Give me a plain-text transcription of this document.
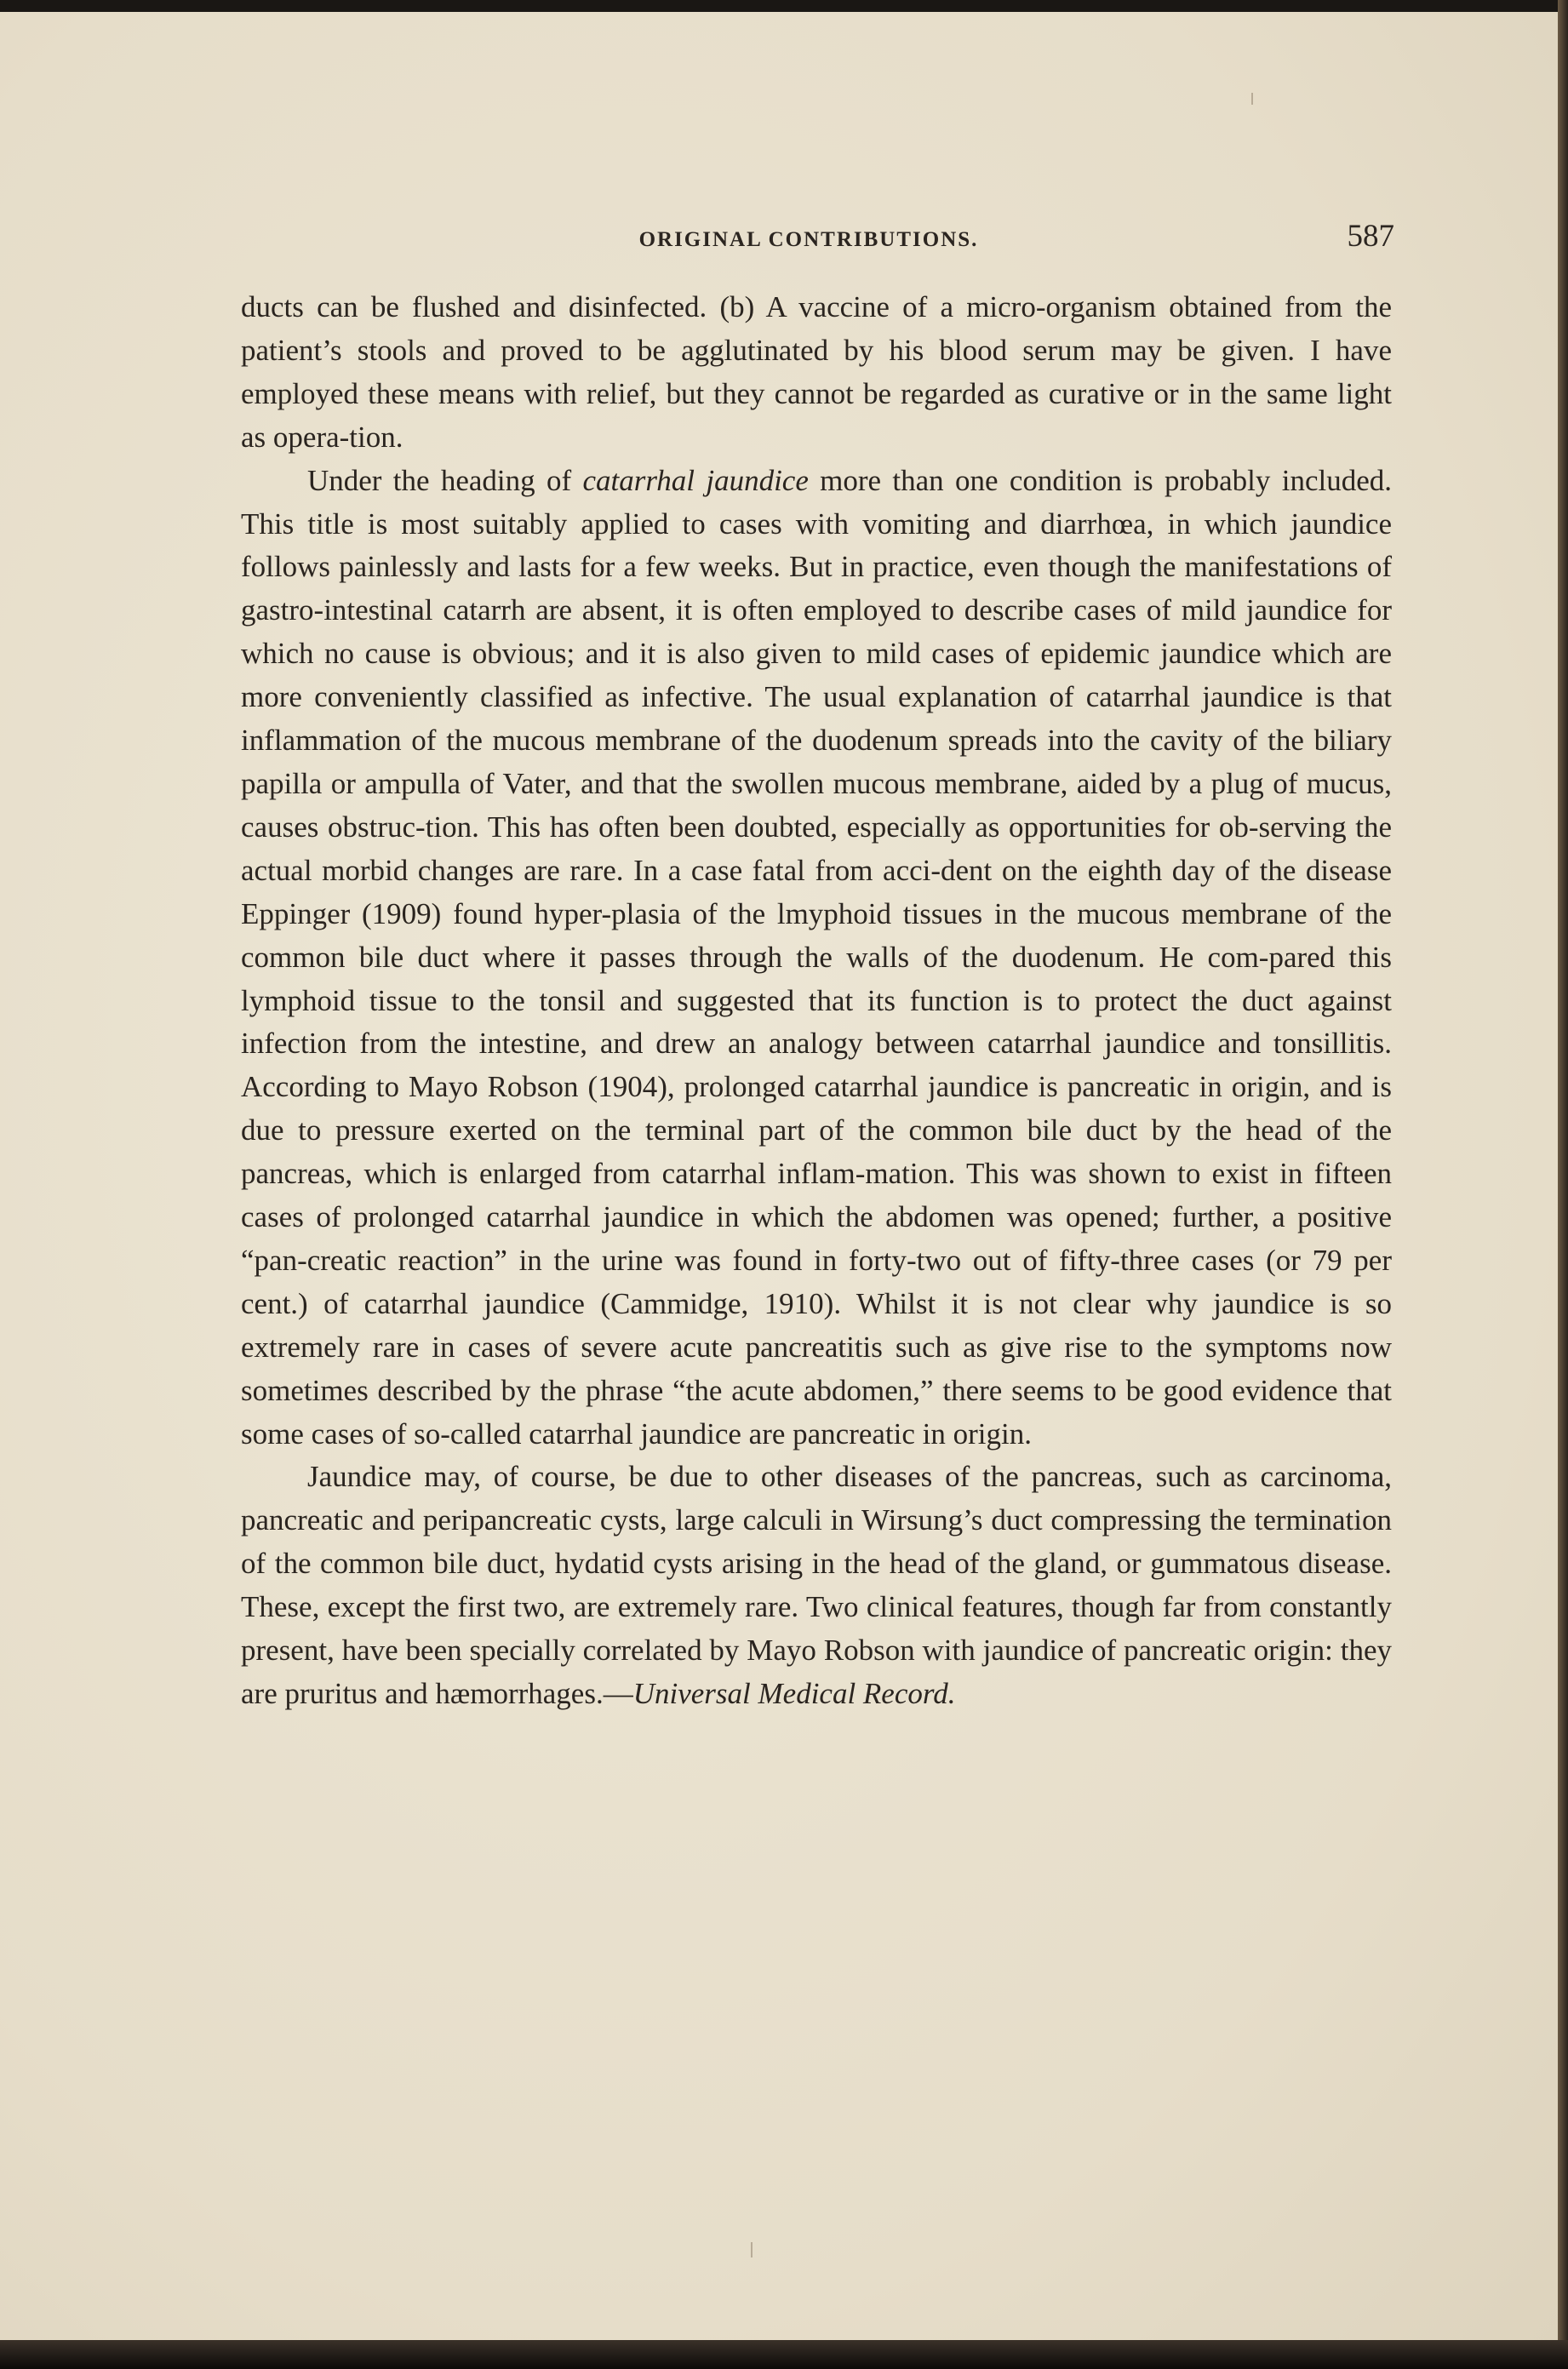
ORIGINAL CONTRIBUTIONS.	587

ducts can be flushed and disinfected. (b) A vaccine of a micro-organism obtained from the patient’s stools and proved to be agglutinated by his blood serum may be given. I have employed these means with relief, but they cannot be regarded as curative or in the same light as opera-tion.

Under the heading of catarrhal jaundice more than one condition is probably included. This title is most suitably applied to cases with vomiting and diarrhœa, in which jaundice follows painlessly and lasts for a few weeks. But in practice, even though the manifestations of gastro-intestinal catarrh are absent, it is often employed to describe cases of mild jaundice for which no cause is obvious; and it is also given to mild cases of epidemic jaundice which are more conveniently classified as infective. The usual explanation of catarrhal jaundice is that inflammation of the mucous membrane of the duodenum spreads into the cavity of the biliary papilla or ampulla of Vater, and that the swollen mucous membrane, aided by a plug of mucus, causes obstruc-tion. This has often been doubted, especially as opportunities for ob-serving the actual morbid changes are rare. In a case fatal from acci-dent on the eighth day of the disease Eppinger (1909) found hyper-plasia of the lmyphoid tissues in the mucous membrane of the common bile duct where it passes through the walls of the duodenum. He com-pared this lymphoid tissue to the tonsil and suggested that its function is to protect the duct against infection from the intestine, and drew an analogy between catarrhal jaundice and tonsillitis. According to Mayo Robson (1904), prolonged catarrhal jaundice is pancreatic in origin, and is due to pressure exerted on the terminal part of the common bile duct by the head of the pancreas, which is enlarged from catarrhal inflam-mation. This was shown to exist in fifteen cases of prolonged catarrhal jaundice in which the abdomen was opened; further, a positive “pan-creatic reaction” in the urine was found in forty-two out of fifty-three cases (or 79 per cent.) of catarrhal jaundice (Cammidge, 1910). Whilst it is not clear why jaundice is so extremely rare in cases of severe acute pancreatitis such as give rise to the symptoms now sometimes described by the phrase “the acute abdomen,” there seems to be good evidence that some cases of so-called catarrhal jaundice are pancreatic in origin.

Jaundice may, of course, be due to other diseases of the pancreas, such as carcinoma, pancreatic and peripancreatic cysts, large calculi in Wirsung’s duct compressing the termination of the common bile duct, hydatid cysts arising in the head of the gland, or gummatous disease. These, except the first two, are extremely rare. Two clinical features, though far from constantly present, have been specially correlated by Mayo Robson with jaundice of pancreatic origin: they are pruritus and hæmorrhages.—Universal Medical Record.
